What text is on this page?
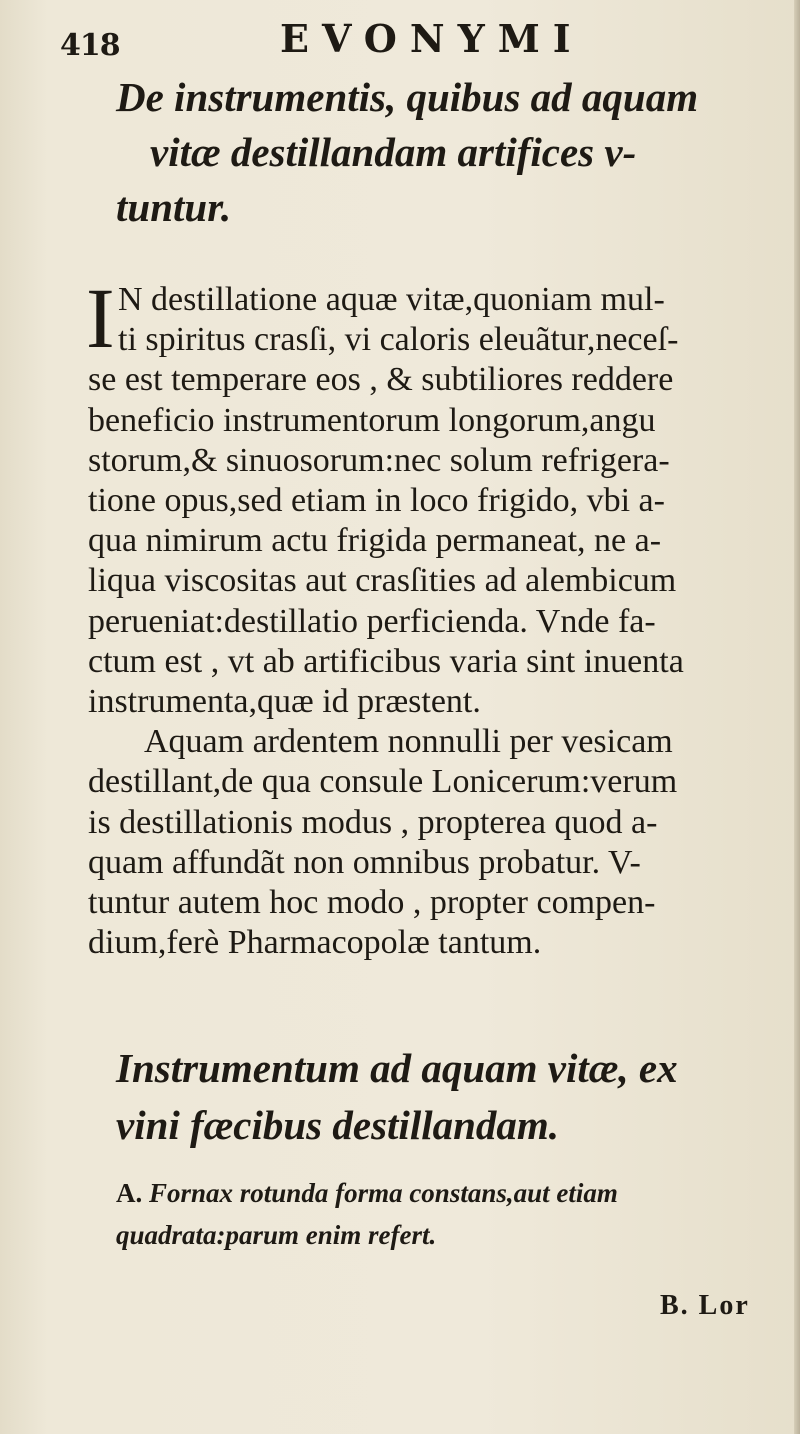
418	EVONYMI
De instrumentis, quibus ad aquam
vitæ destillandam artifices v-
tuntur.
I N destillatione aquæ vitæ,quoniam mul-
ti spiritus crasſi, vi caloris eleuãtur,neceſ-
se est temperare eos , & subtiliores reddere
beneficio instrumentorum longorum,angu
storum,& sinuosorum:nec solum refrigera-
tione opus,sed etiam in loco frigido, vbi a-
qua nimirum actu frigida permaneat, ne a-
liqua viscositas aut crasſities ad alembicum
perueniat:destillatio perficienda. Vnde fa-
ctum est , vt ab artificibus varia sint inuenta
instrumenta,quæ id præstent.
Aquam ardentem nonnulli per vesicam
destillant,de qua consule Lonicerum:verum
is destillationis modus , propterea quod a-
quam affundãt non omnibus probatur. V-
tuntur autem hoc modo , propter compen-
dium,ferè Pharmacopolæ tantum.
Instrumentum ad aquam vitæ, ex
vini fæcibus destillandam.
A. Fornax rotunda forma constans,aut etiam
quadrata:parum enim refert.
B. Lor
